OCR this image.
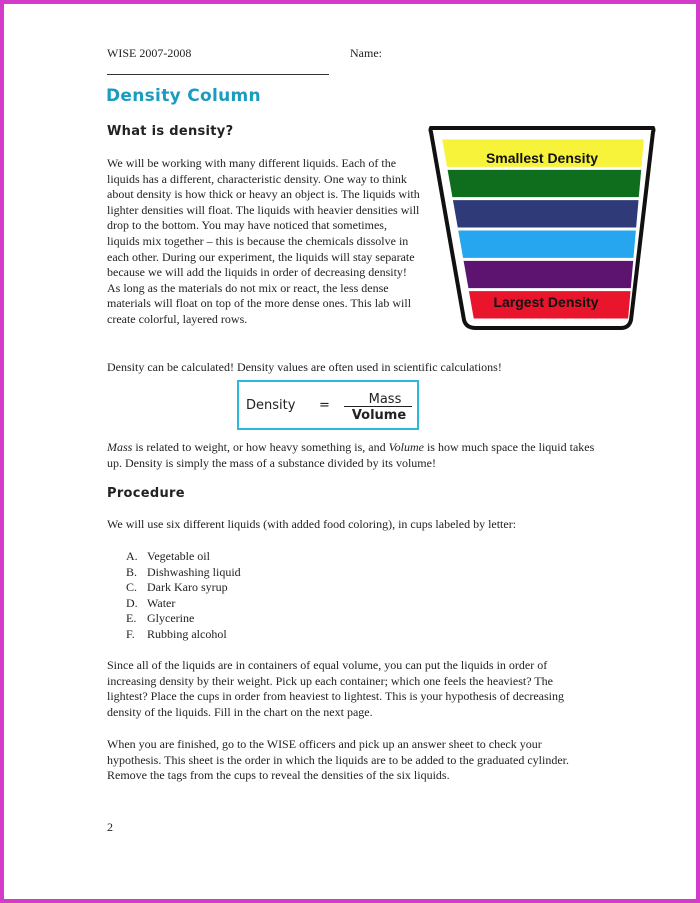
WISE 2007-2008	Name:
Density Column
What is density?

We will be working with many different liquids. Each of the liquids has a different, characteristic density. One way to think about density is how thick or heavy an object is. The liquids with lighter densities will float. The liquids with heavier densities will drop to the bottom. You may have noticed that sometimes, liquids mix together – this is because the chemicals dissolve in each other. During our experiment, the liquids will stay separate because we will add the liquids in order of decreasing density! As long as the materials do not mix or react, the less dense materials will float on top of the more dense ones. This lab will create colorful, layered rows.

Smallest Density
Largest Density

Density can be calculated! Density values are often used in scientific calculations!

Density =	Mass
Volume

Mass is related to weight, or how heavy something is, and Volume is how much space the liquid takes up. Density is simply the mass of a substance divided by its volume!

Procedure

We will use six different liquids (with added food coloring), in cups labeled by letter:

A. Vegetable oil
B. Dishwashing liquid
C. Dark Karo syrup
D. Water
E. Glycerine
F.	Rubbing alcohol

Since all of the liquids are in containers of equal volume, you can put the liquids in order of increasing density by their weight. Pick up each container; which one feels the heaviest? The lightest? Place the cups in order from heaviest to lightest. This is your hypothesis of decreasing density of the liquids. Fill in the chart on the next page.

When you are finished, go to the WISE officers and pick up an answer sheet to check your hypothesis. This sheet is the order in which the liquids are to be added to the graduated cylinder. Remove the tags from the cups to reveal the densities of the six liquids.

2
